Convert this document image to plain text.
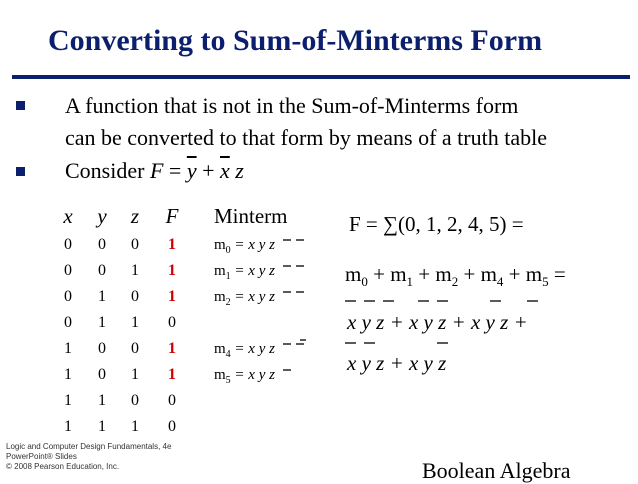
Converting to Sum-of-Minterms Form
A function that is not in the Sum-of-Minterms form
can be converted to that form by means of a truth table
Consider $F = \overline{y} + \overline{x}$ z
x y z F Minterm
0	0	0	1	$m_0 = x$ y z
0	0	1	1	$m_1 = x$ y z
0	1	0	1	$m_2 = x$ y z
0	1	1	0
1	0	0	1	$m_4 = x$ y z
1	0	1	1	$m_5 = x$ y z
1	1	0	0
1	1	1	0
F = ∑(0, 1, 2, 4, 5) =
$m_0 + m_1 + m_2 + m_4 + m_5$ =
x y z + x y z + x y z +
x y z + x y z
Logic and Computer Design Fundamentals, 4e
PowerPoint® Slides
© 2008 Pearson Education, Inc.	Boolean Algebra
